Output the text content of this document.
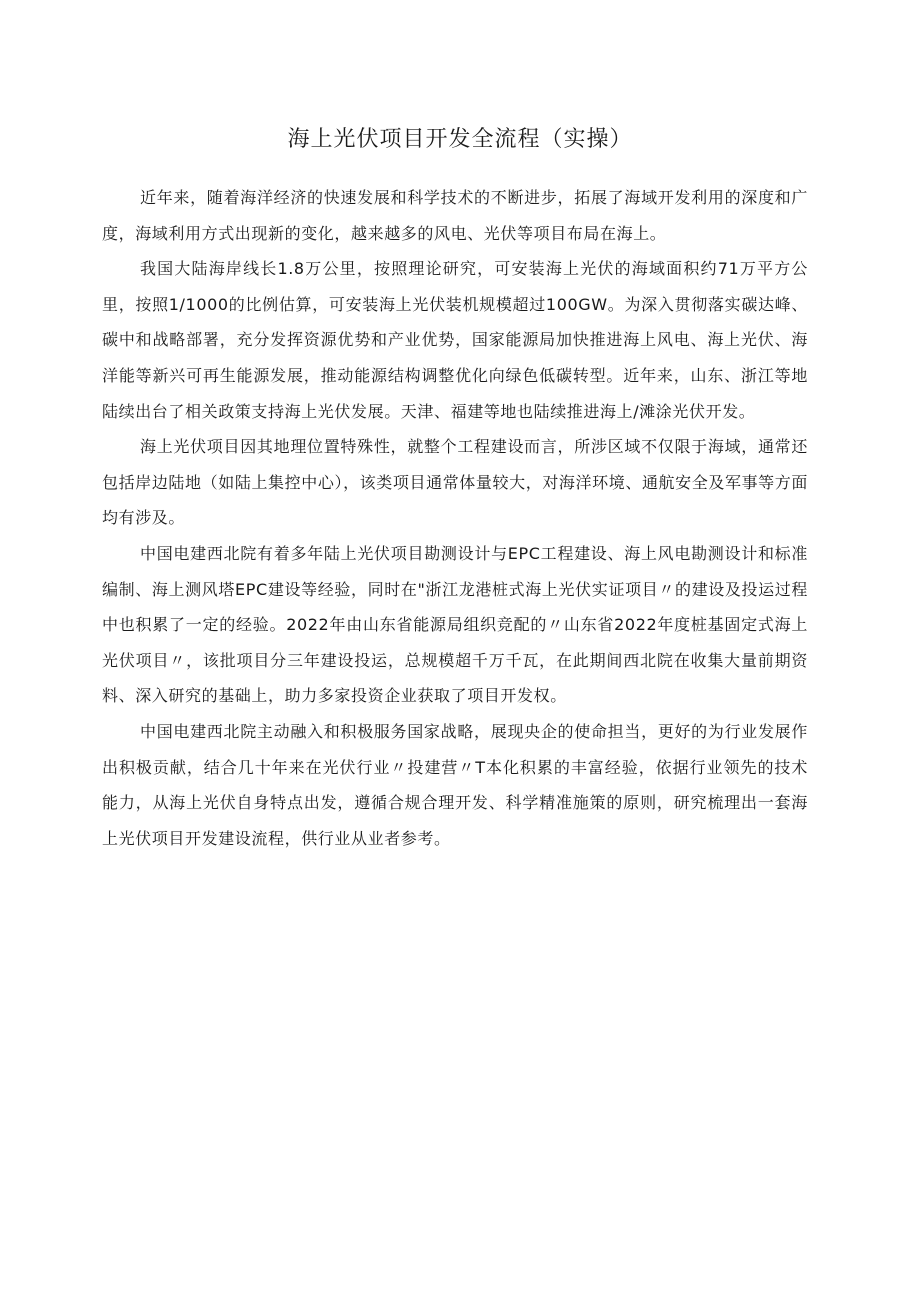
海上光伏项目开发全流程（实操）

近年来，随着海洋经济的快速发展和科学技术的不断进步，拓展了海域开发利用的深度和广度，海域利用方式出现新的变化，越来越多的风电、光伏等项目布局在海上。

我国大陆海岸线长1.8万公里，按照理论研究，可安装海上光伏的海域面积约71万平方公里，按照1/1000的比例估算，可安装海上光伏装机规模超过100GW。为深入贯彻落实碳达峰、碳中和战略部署，充分发挥资源优势和产业优势，国家能源局加快推进海上风电、海上光伏、海洋能等新兴可再生能源发展，推动能源结构调整优化向绿色低碳转型。近年来，山东、浙江等地陆续出台了相关政策支持海上光伏发展。天津、福建等地也陆续推进海上/滩涂光伏开发。

海上光伏项目因其地理位置特殊性，就整个工程建设而言，所涉区域不仅限于海域，通常还包括岸边陆地（如陆上集控中心），该类项目通常体量较大，对海洋环境、通航安全及军事等方面均有涉及。

中国电建西北院有着多年陆上光伏项目勘测设计与EPC工程建设、海上风电勘测设计和标准编制、海上测风塔EPC建设等经验，同时在"浙江龙港桩式海上光伏实证项目〃的建设及投运过程中也积累了一定的经验。2022年由山东省能源局组织竞配的〃山东省2022年度桩基固定式海上光伏项目〃，该批项目分三年建设投运，总规模超千万千瓦，在此期间西北院在收集大量前期资料、深入研究的基础上，助力多家投资企业获取了项目开发权。

中国电建西北院主动融入和积极服务国家战略，展现央企的使命担当，更好的为行业发展作出积极贡献，结合几十年来在光伏行业〃投建营〃T本化积累的丰富经验，依据行业领先的技术能力，从海上光伏自身特点出发，遵循合规合理开发、科学精准施策的原则，研究梳理出一套海上光伏项目开发建设流程，供行业从业者参考。
